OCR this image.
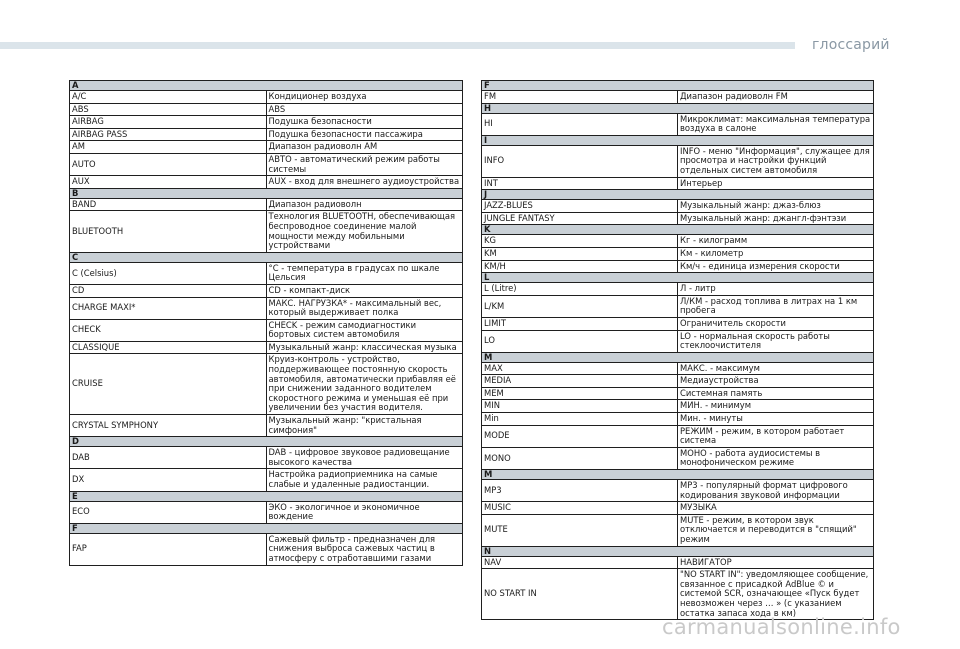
глоссарий
A	
A/C	Кондиционер воздуха
ABS	ABS
AIRBAG	Подушка безопасности
AIRBAG PASS	Подушка безопасности пассажира
AM	Диапазон радиоволн AM
AUTO	АВТО - автоматический режим работы системы
AUX	AUX - вход для внешнего аудиоустройства
B	
BAND	Диапазон радиоволн
BLUETOOTH	Технология BLUETOOTH, обеспечивающая беспроводное соединение малой мощности между мобильными устройствами
C	
C (Celsius)	°C - температура в градусах по шкале Цельсия
CD	CD - компакт-диск
CHARGE MAXI*	МАКС. НАГРУЗКА* - максимальный вес, который выдерживает полка
CHECK	CHECK - режим самодиагностики бортовых систем автомобиля
CLASSIQUE	Музыкальный жанр: классическая музыка
CRUISE	Круиз-контроль - устройство, поддерживающее постоянную скорость автомобиля, автоматически прибавляя её при снижении заданного водителем скоростного режима и уменьшая её при увеличении без участия водителя.
CRYSTAL SYMPHONY	Музыкальный жанр: "кристальная симфония"
D	
DAB	DAB - цифровое звуковое радиовещание высокого качества
DX	Настройка радиоприемника на самые слабые и удаленные радиостанции.
E	
ECO	ЭКО - экологичное и экономичное вождение
F	
FAP	Сажевый фильтр - предназначен для снижения выброса сажевых частиц в атмосферу с отработавшими газами
F	
FM	Диапазон радиоволн FM
H	
HI	Микроклимат: максимальная температура воздуха в салоне
I	
INFO	INFO - меню "Информация", служащее для просмотра и настройки функций отдельных систем автомобиля
INT	Интерьер
J	
JAZZ-BLUES	Музыкальный жанр: джаз-блюз
JUNGLE FANTASY	Музыкальный жанр: джангл-фэнтэзи
K	
KG	Кг - килограмм
KM	Км - километр
KM/H	Км/ч - единица измерения скорости
L	
L (Litre)	Л - литр
L/KM	Л/КМ - расход топлива в литрах на 1 км пробега
LIMIT	Ограничитель скорости
LO	LO - нормальная скорость работы стеклоочистителя
M	
MAX	МАКС. - максимум
MEDIA	Медиаустройства
MEM	Системная память
MIN	МИН. - минимум
Min	Мин. - минуты
MODE	РЕЖИМ - режим, в котором работает система
MONO	МОНО - работа аудиосистемы в монофоническом режиме
M	
MP3	MP3 - популярный формат цифрового кодирования звуковой информации
MUSIC	МУЗЫКА
MUTE	MUTE - режим, в котором звук отключается и переводится в "спящий" режим
N	
NAV	НАВИГАТОР
NO START IN	"NO START IN": уведомляющее сообщение, связанное с присадкой AdBlue © и системой SCR, означающее «Пуск будет невозможен через … » (с указанием остатка запаса хода в км)
carmanualsonline.info
